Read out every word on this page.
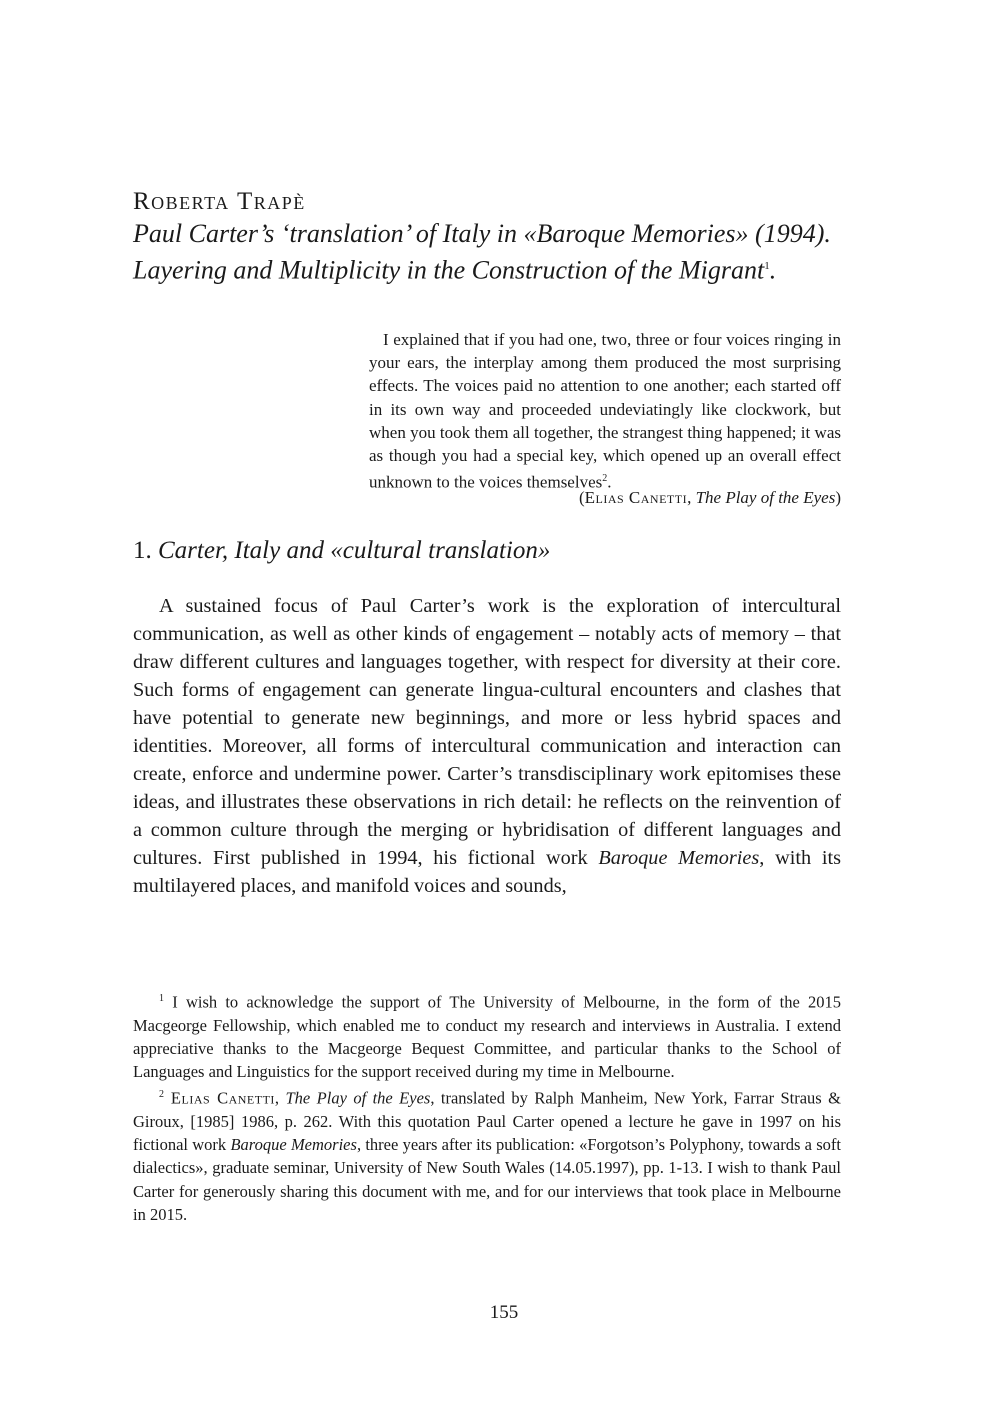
Roberta Trapè
Paul Carter’s ‘translation’ of Italy in «Baroque Memories» (1994).
Layering and Multiplicity in the Construction of the Migrant$^1$.

I explained that if you had one, two, three or four voices ringing in your ears, the interplay among them produced the most surprising effects. The voices paid no attention to one another; each started off in its own way and proceeded undeviatingly like clockwork, but when you took them all together, the strangest thing happened; it was as though you had a special key, which opened up an overall effect unknown to the voices themselves$^2$.

(Elias Canetti, The Play of the Eyes)

1. Carter, Italy and «cultural translation»

A sustained focus of Paul Carter’s work is the exploration of intercultural communication, as well as other kinds of engagement – notably acts of memory – that draw different cultures and languages together, with respect for diversity at their core. Such forms of engagement can generate lingua-cultural encounters and clashes that have potential to generate new beginnings, and more or less hybrid spaces and identities. Moreover, all forms of intercultural communication and interaction can create, enforce and undermine power. Carter’s transdisciplinary work epitomises these ideas, and illustrates these observations in rich detail: he reflects on the reinvention of a common culture through the merging or hybridisation of different languages and cultures. First published in 1994, his fictional work Baroque Memories, with its multilayered places, and manifold voices and sounds,

$^1$ I wish to acknowledge the support of The University of Melbourne, in the form of the 2015 Macgeorge Fellowship, which enabled me to conduct my research and interviews in Australia. I extend appreciative thanks to the Macgeorge Bequest Committee, and particular thanks to the School of Languages and Linguistics for the support received during my time in Melbourne.

$^2$ Elias Canetti, The Play of the Eyes, translated by Ralph Manheim, New York, Farrar Straus & Giroux, [1985] 1986, p. 262. With this quotation Paul Carter opened a lecture he gave in 1997 on his fictional work Baroque Memories, three years after its publication: «Forgotson’s Polyphony, towards a soft dialectics», graduate seminar, University of New South Wales (14.05.1997), pp. 1-13. I wish to thank Paul Carter for generously sharing this document with me, and for our interviews that took place in Melbourne in 2015.

155
